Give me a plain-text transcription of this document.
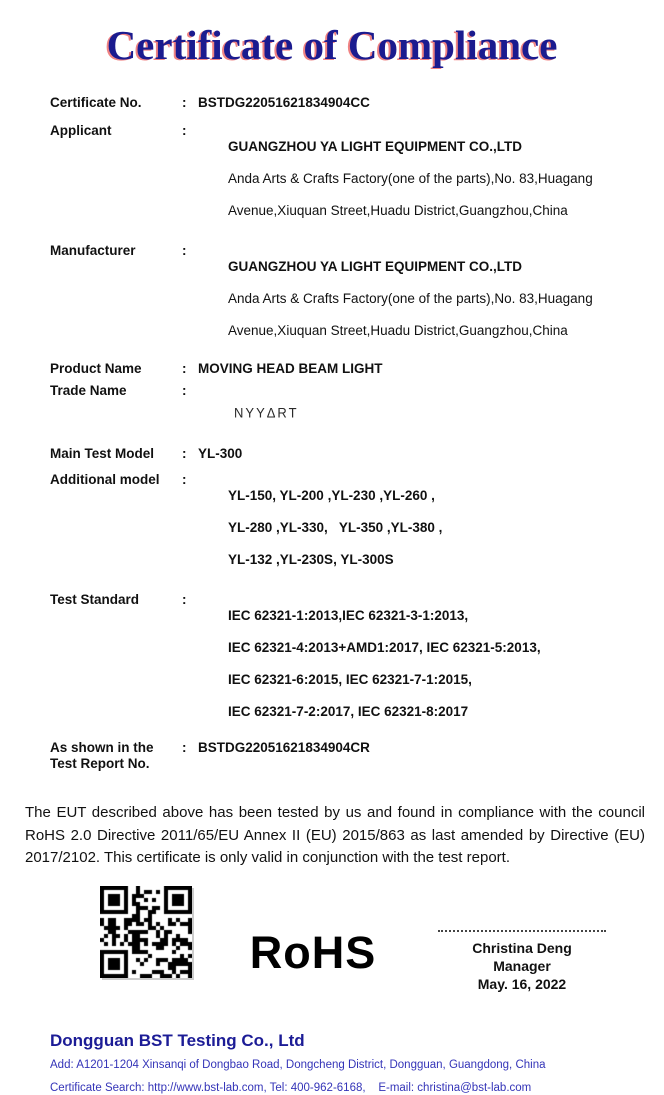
Certificate of Compliance
Certificate No.	: BSTDG22051621834904CC
Applicant	:

GUANGZHOU YA LIGHT EQUIPMENT CO.,LTD

Anda Arts & Crafts Factory(one of the parts),No. 83,Huagang

Avenue,Xiuquan Street,Huadu District,Guangzhou,China

Manufacturer	:

GUANGZHOU YA LIGHT EQUIPMENT CO.,LTD

Anda Arts & Crafts Factory(one of the parts),No. 83,Huagang

Avenue,Xiuquan Street,Huadu District,Guangzhou,China

Product Name	: MOVING HEAD BEAM LIGHT
Trade Name	:

NYYΔRT

Main Test Model	: YL-300
Additional model	:

YL-150, YL-200 ,YL-230 ,YL-260 ,

YL-280 ,YL-330,   YL-350 ,YL-380 ,

YL-132 ,YL-230S, YL-300S

Test Standard	:

IEC 62321-1:2013,IEC 62321-3-1:2013,

IEC 62321-4:2013+AMD1:2017, IEC 62321-5:2013,

IEC 62321-6:2015, IEC 62321-7-1:2015,

IEC 62321-7-2:2017, IEC 62321-8:2017

As shown in the
Test Report No.
: BSTDG22051621834904CR

The EUT described above has been tested by us and found in compliance with the council RoHS 2.0 Directive 2011/65/EU Annex II (EU) 2015/863 as last amended by Directive (EU) 2017/2102. This certificate is only valid in conjunction with the test report.

RoHS	Christina Deng
Manager
May. 16, 2022
Dongguan BST Testing Co., Ltd
Add: A1201-1204 Xinsanqi of Dongbao Road, Dongcheng District, Dongguan, Guangdong, China
Certificate Search: http://www.bst-lab.com, Tel: 400-962-6168,    E-mail: christina@bst-lab.com
